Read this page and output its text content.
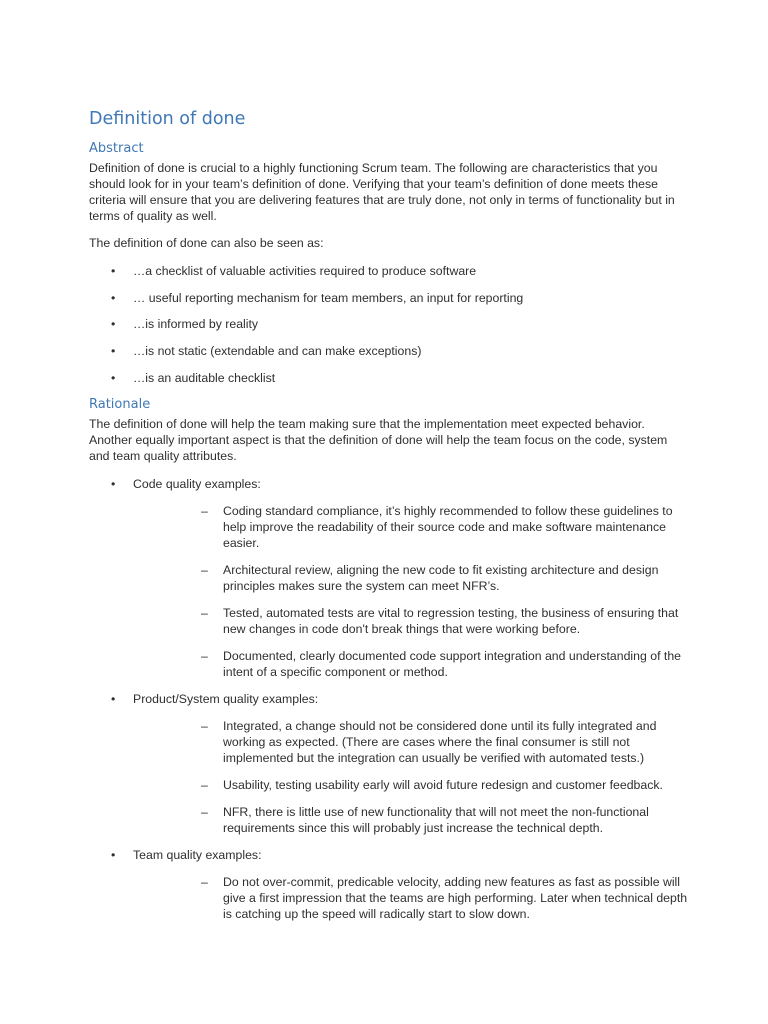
Definition of done
Abstract

Definition of done is crucial to a highly functioning Scrum team. The following are characteristics that you should look for in your team’s definition of done. Verifying that your team’s definition of done meets these criteria will ensure that you are delivering features that are truly done, not only in terms of functionality but in terms of quality as well.

The definition of done can also be seen as:

• …a checklist of valuable activities required to produce software
• … useful reporting mechanism for team members, an input for reporting
• …is informed by reality
• …is not static (extendable and can make exceptions)
• …is an auditable checklist
Rationale

The definition of done will help the team making sure that the implementation meet expected behavior. Another equally important aspect is that the definition of done will help the team focus on the code, system and team quality attributes.

• Code quality examples:
– Coding standard compliance, it’s highly recommended to follow these guidelines to help improve the readability of their source code and make software maintenance easier.
– Architectural review, aligning the new code to fit existing architecture and design principles makes sure the system can meet NFR’s.
– Tested, automated tests are vital to regression testing, the business of ensuring that new changes in code don't break things that were working before.
– Documented, clearly documented code support integration and understanding of the intent of a specific component or method.
• Product/System quality examples:
– Integrated, a change should not be considered done until its fully integrated and working as expected. (There are cases where the final consumer is still not implemented but the integration can usually be verified with automated tests.)
– Usability, testing usability early will avoid future redesign and customer feedback.
– NFR, there is little use of new functionality that will not meet the non-functional requirements since this will probably just increase the technical depth.
• Team quality examples:
– Do not over-commit, predicable velocity, adding new features as fast as possible will give a first impression that the teams are high performing. Later when technical depth is catching up the speed will radically start to slow down.
